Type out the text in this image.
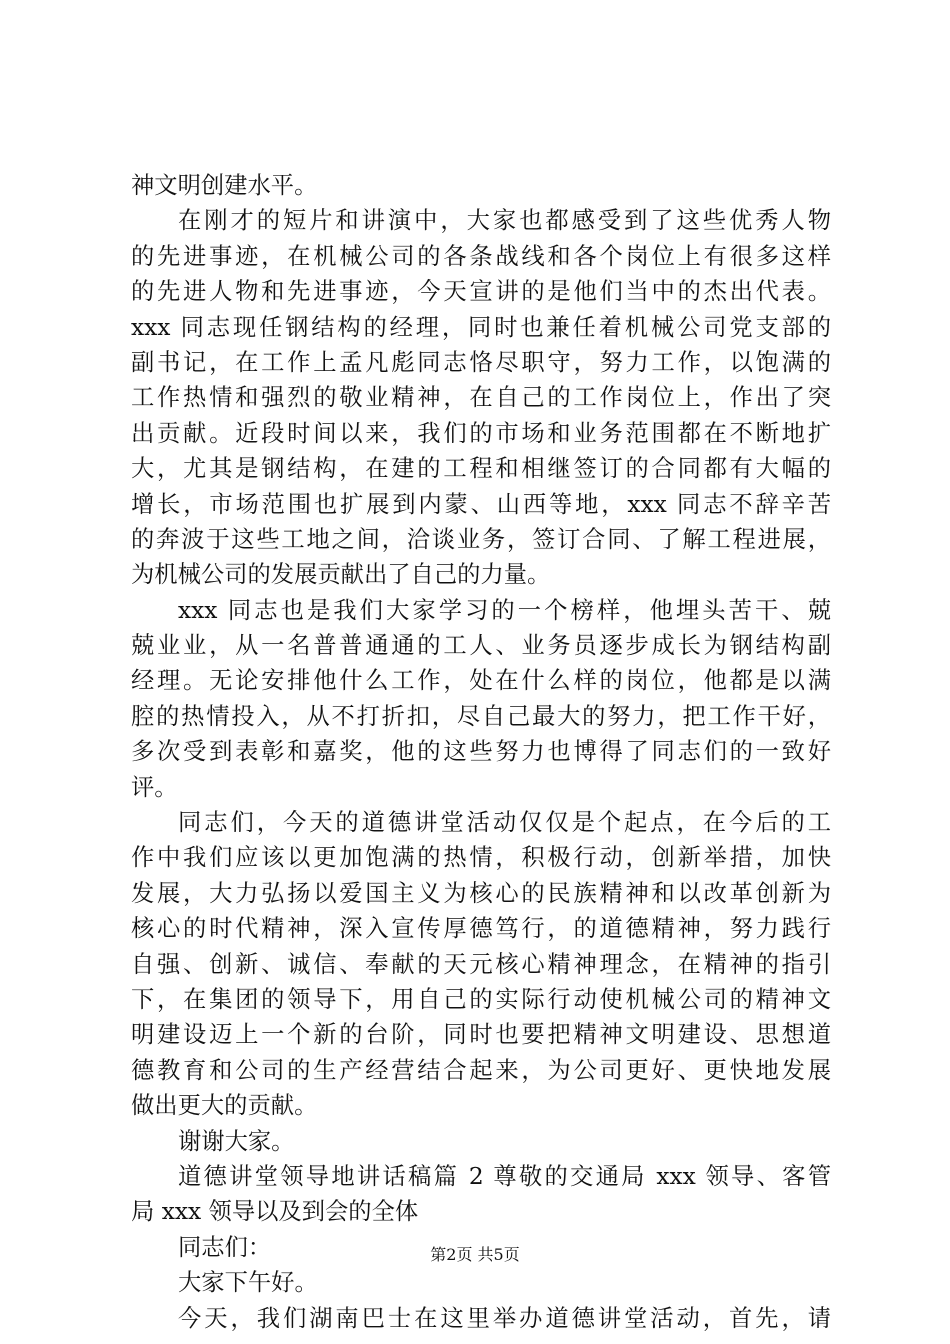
神文明创建水平。
在刚才的短片和讲演中，大家也都感受到了这些优秀人物
的先进事迹，在机械公司的各条战线和各个岗位上有很多这样
的先进人物和先进事迹，今天宣讲的是他们当中的杰出代表。
xxx 同志现任钢结构的经理，同时也兼任着机械公司党支部的
副书记，在工作上孟凡彪同志恪尽职守，努力工作，以饱满的
工作热情和强烈的敬业精神，在自己的工作岗位上，作出了突
出贡献。近段时间以来，我们的市场和业务范围都在不断地扩
大，尤其是钢结构，在建的工程和相继签订的合同都有大幅的
增长，市场范围也扩展到内蒙、山西等地，xxx 同志不辞辛苦
的奔波于这些工地之间，洽谈业务，签订合同、了解工程进展，
为机械公司的发展贡献出了自己的力量。
xxx 同志也是我们大家学习的一个榜样，他埋头苦干、兢
兢业业，从一名普普通通的工人、业务员逐步成长为钢结构副
经理。无论安排他什么工作，处在什么样的岗位，他都是以满
腔的热情投入，从不打折扣，尽自己最大的努力，把工作干好，
多次受到表彰和嘉奖，他的这些努力也博得了同志们的一致好
评。
同志们，今天的道德讲堂活动仅仅是个起点，在今后的工
作中我们应该以更加饱满的热情，积极行动，创新举措，加快
发展，大力弘扬以爱国主义为核心的民族精神和以改革创新为
核心的时代精神，深入宣传厚德笃行，的道德精神，努力践行
自强、创新、诚信、奉献的天元核心精神理念，在精神的指引
下，在集团的领导下，用自己的实际行动使机械公司的精神文
明建设迈上一个新的台阶，同时也要把精神文明建设、思想道
德教育和公司的生产经营结合起来，为公司更好、更快地发展
做出更大的贡献。
谢谢大家。
道德讲堂领导地讲话稿篇 2 尊敬的交通局 xxx 领导、客管
局 xxx 领导以及到会的全体
同志们：
大家下午好。
今天，我们湖南巴士在这里举办道德讲堂活动，首先，请
第2页 共5页
